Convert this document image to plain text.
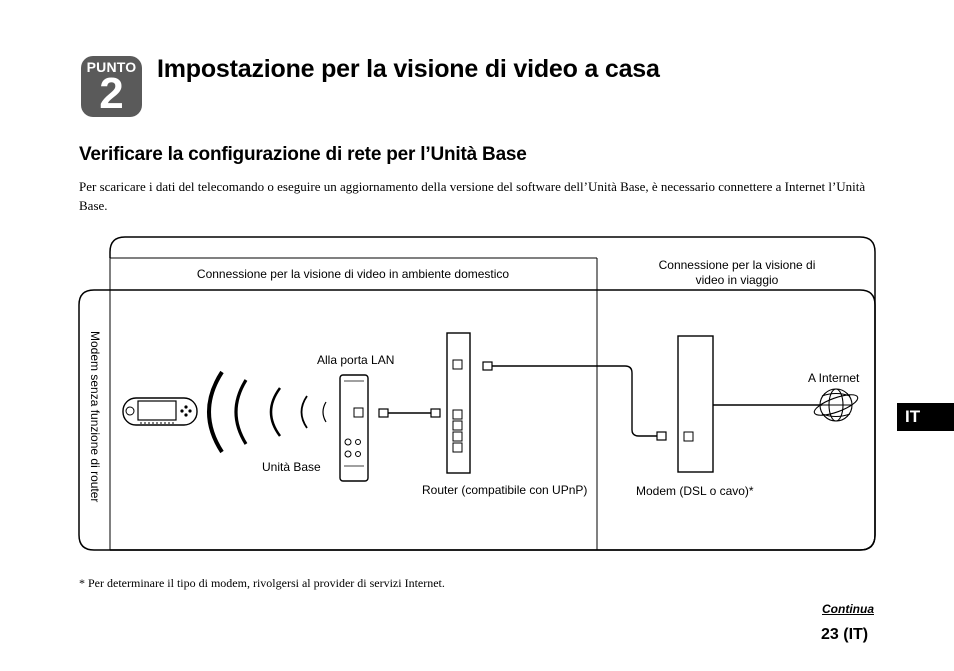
PUNTO
2	Impostazione per la visione di video a casa
Verificare la configurazione di rete per l’Unità Base

Per scaricare i dati del telecomando o eseguire un aggiornamento della versione del software dell’Unità Base, è necessario connettere a Internet l’Unità Base.

Connessione per la visione di video in ambiente domestico
Connessione per la visione di
video in viaggio
Modem senza funzione di router	Alla porta LAN
Unità Base
Router (compatibile con UPnP)	Modem (DSL o cavo)*
A Internet

* Per determinare il tipo di modem, rivolgersi al provider di servizi Internet.

Continua
23 (IT)
IT
